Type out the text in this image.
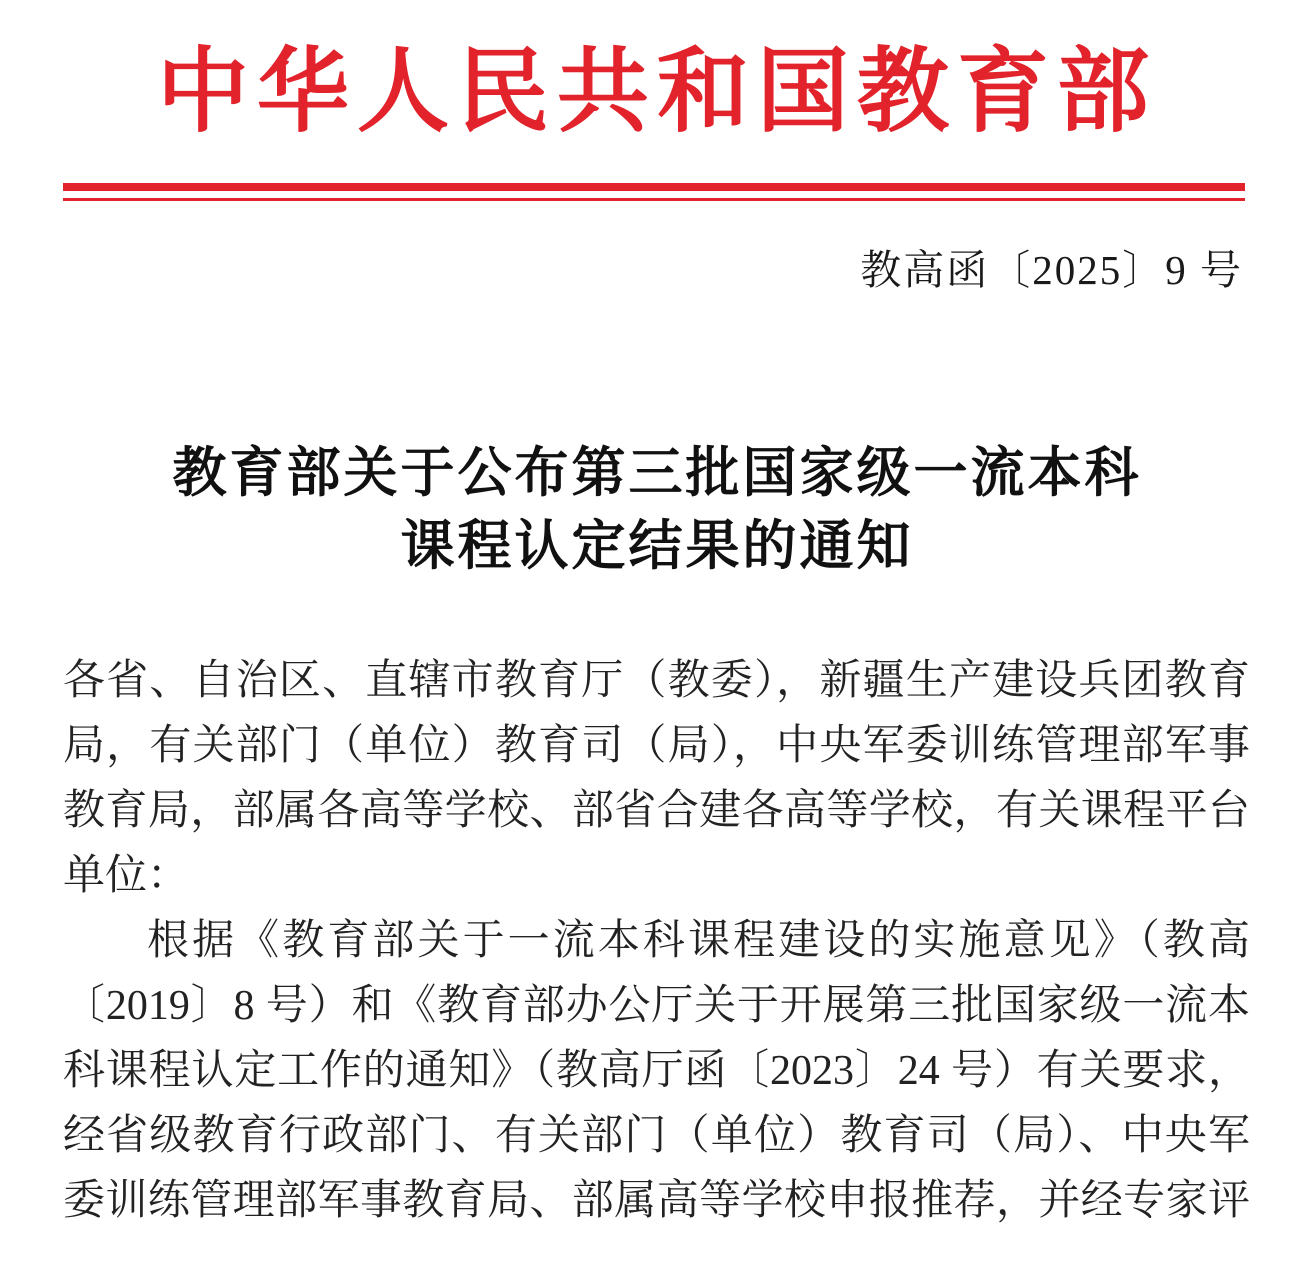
中华人民共和国教育部
教高函〔2025〕9 号
教育部关于公布第三批国家级一流本科
课程认定结果的通知
各省、自治区、直辖市教育厅（教委），新疆生产建设兵团教育
局，有关部门（单位）教育司（局），中央军委训练管理部军事
教育局，部属各高等学校、部省合建各高等学校，有关课程平台
单位：
根据《教育部关于一流本科课程建设的实施意见》（教高
〔2019〕8 号）和《教育部办公厅关于开展第三批国家级一流本
科课程认定工作的通知》（教高厅函〔2023〕24 号）有关要求，
经省级教育行政部门、有关部门（单位）教育司（局）、中央军
委训练管理部军事教育局、部属高等学校申报推荐，并经专家评
